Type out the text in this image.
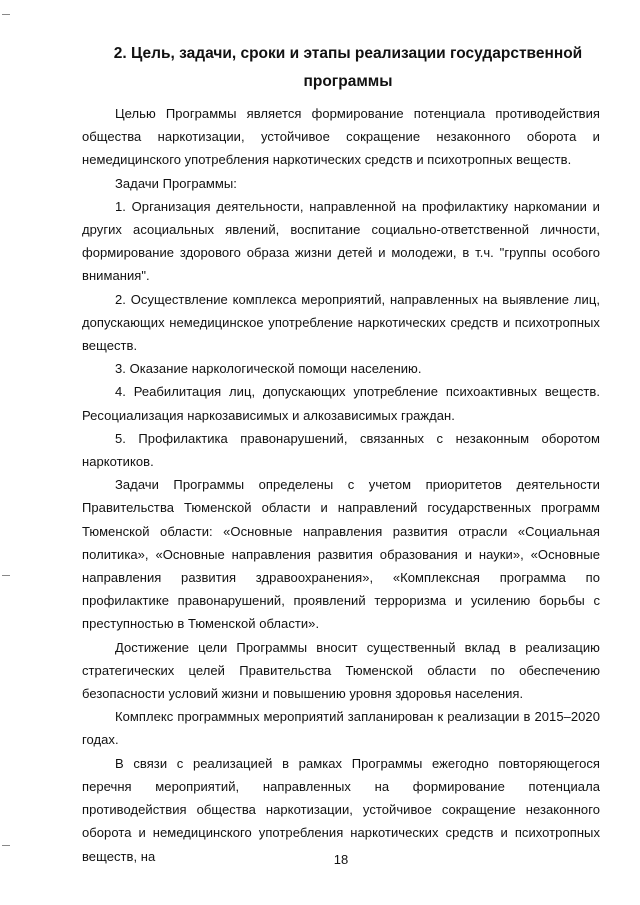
2. Цель, задачи, сроки и этапы реализации государственной
программы

Целью Программы является формирование потенциала противодействия общества наркотизации, устойчивое сокращение незаконного оборота и немедицинского употребления наркотических средств и психотропных веществ.

Задачи Программы:

1. Организация деятельности, направленной на профилактику наркомании и других асоциальных явлений, воспитание социально-ответственной личности, формирование здорового образа жизни детей и молодежи, в т.ч. "группы особого внимания".

2. Осуществление комплекса мероприятий, направленных на выявление лиц, допускающих немедицинское употребление наркотических средств и психотропных веществ.

3. Оказание наркологической помощи населению.

4. Реабилитация лиц, допускающих употребление психоактивных веществ. Ресоциализация наркозависимых и алкозависимых граждан.

5. Профилактика правонарушений, связанных с незаконным оборотом наркотиков.

Задачи Программы определены с учетом приоритетов деятельности Правительства Тюменской области и направлений государственных программ Тюменской области: «Основные направления развития отрасли «Социальная политика», «Основные направления развития образования и науки», «Основные направления развития здравоохранения», «Комплексная программа по профилактике правонарушений, проявлений терроризма и усилению борьбы с преступностью в Тюменской области».

Достижение цели Программы вносит существенный вклад в реализацию стратегических целей Правительства Тюменской области по обеспечению безопасности условий жизни и повышению уровня здоровья населения.

Комплекс программных мероприятий запланирован к реализации в 2015–2020 годах.

В связи с реализацией в рамках Программы ежегодно повторяющегося перечня мероприятий, направленных на формирование потенциала противодействия общества наркотизации, устойчивое сокращение незаконного оборота и немедицинского употребления наркотических средств и психотропных веществ, на	18
